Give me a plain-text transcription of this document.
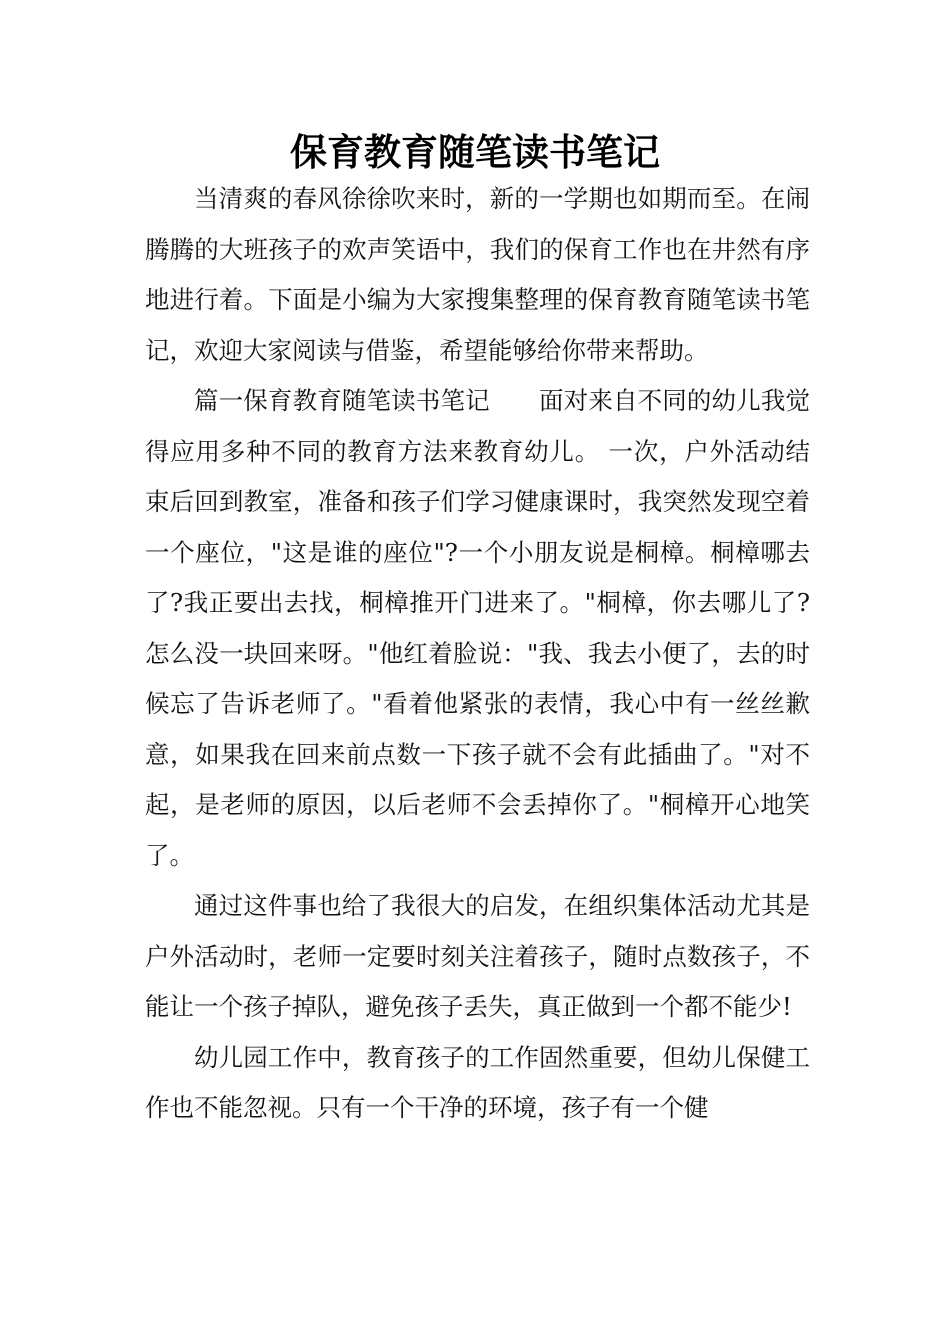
保育教育随笔读书笔记

当清爽的春风徐徐吹来时，新的一学期也如期而至。在闹腾腾的大班孩子的欢声笑语中，我们的保育工作也在井然有序地进行着。下面是小编为大家搜集整理的保育教育随笔读书笔记，欢迎大家阅读与借鉴，希望能够给你带来帮助。

篇一保育教育随笔读书笔记　　面对来自不同的幼儿我觉得应用多种不同的教育方法来教育幼儿。 一次，户外活动结束后回到教室，准备和孩子们学习健康课时，我突然发现空着一个座位，"这是谁的座位"?一个小朋友说是桐樟。桐樟哪去了?我正要出去找，桐樟推开门进来了。"桐樟，你去哪儿了?怎么没一块回来呀。"他红着脸说："我、我去小便了，去的时候忘了告诉老师了。"看着他紧张的表情，我心中有一丝丝歉意，如果我在回来前点数一下孩子就不会有此插曲了。"对不起，是老师的原因，以后老师不会丢掉你了。"桐樟开心地笑了。

通过这件事也给了我很大的启发，在组织集体活动尤其是户外活动时，老师一定要时刻关注着孩子，随时点数孩子，不能让一个孩子掉队，避免孩子丢失，真正做到一个都不能少!

幼儿园工作中，教育孩子的工作固然重要，但幼儿保健工作也不能忽视。只有一个干净的环境，孩子有一个健
